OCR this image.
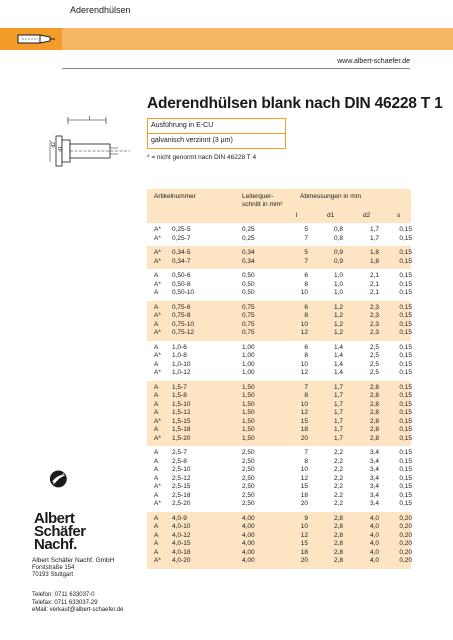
Aderendhülsen
www.albert-schaefer.de
Aderendhülsen blank nach DIN 46228 T 1
Ausführung in E-CU
galvanisch verzinnt (3 µm)
* = nicht genormt nach DIN 46228 T 4
l
d2
d1
Artikelnummer	Leiterquer-
schnitt in mm²
Abmessungen in mm
l	d1	d2	s
A* 0,25-5	0,25	5	0,8	1,7	0,15
A* 0,25-7	0,25	7	0,8	1,7	0,15
A* 0,34-5	0,34	5	0,9	1,8	0,15
A* 0,34-7	0,34	7	0,9	1,8	0,15
A 0,50-6	0,50	6	1,0	2,1	0,15
A* 0,50-8	0,50	8	1,0	2,1	0,15
A 0,50-10	0,50	10	1,0	2,1	0,15
A 0,75-6	0,75	6	1,2	2,3	0,15
A* 0,75-8	0,75	8	1,2	2,3	0,15
A 0,75-10	0,75	10	1,2	2,3	0,15
A* 0,75-12	0,75	12	1,2	2,3	0,15
A 1,0-6	1,00	6	1,4	2,5	0,15
A* 1,0-8	1,00	8	1,4	2,5	0,15
A 1,0-10	1,00	10	1,4	2,5	0,15
A* 1,0-12	1,00	12	1,4	2,5	0,15
A 1,5-7	1,50	7	1,7	2,8	0,15
A 1,5-8	1,50	8	1,7	2,8	0,15
A 1,5-10	1,50	10	1,7	2,8	0,15
A 1,5-12	1,50	12	1,7	2,8	0,15
A* 1,5-15	1,50	15	1,7	2,8	0,15
A 1,5-18	1,50	18	1,7	2,8	0,15
A* 1,5-20	1,50	20	1,7	2,8	0,15
A 2,5-7	2,50	7	2,2	3,4	0,15
A 2,5-8	2,50	8	2,2	3,4	0,15
A 2,5-10	2,50	10	2,2	3,4	0,15
A 2,5-12	2,50	12	2,2	3,4	0,15
A* 2,5-15	2,50	15	2,2	3,4	0,15
A 2,5-18	2,50	18	2,2	3,4	0,15
A* 2,5-20	2,50	20	2,2	3,4	0,15
A 4,0-9	4,00	9	2,8	4,0	0,20
A 4,0-10	4,00	10	2,8	4,0	0,20
A 4,0-12	4,00	12	2,8	4,0	0,20
A 4,0-15	4,00	15	2,8	4,0	0,20
A 4,0-18	4,00	18	2,8	4,0	0,20
A* 4,0-20	4,00	20	2,8	4,0	0,20
Albert
Schäfer
Nachf.
Albert Schäfer Nachf. GmbH
Forststraße 154
70193 Stuttgart
Telefon: 0711 633037-0
Telefax: 0711 633037-29
eMail: verkauf@albert-schaefer.de
